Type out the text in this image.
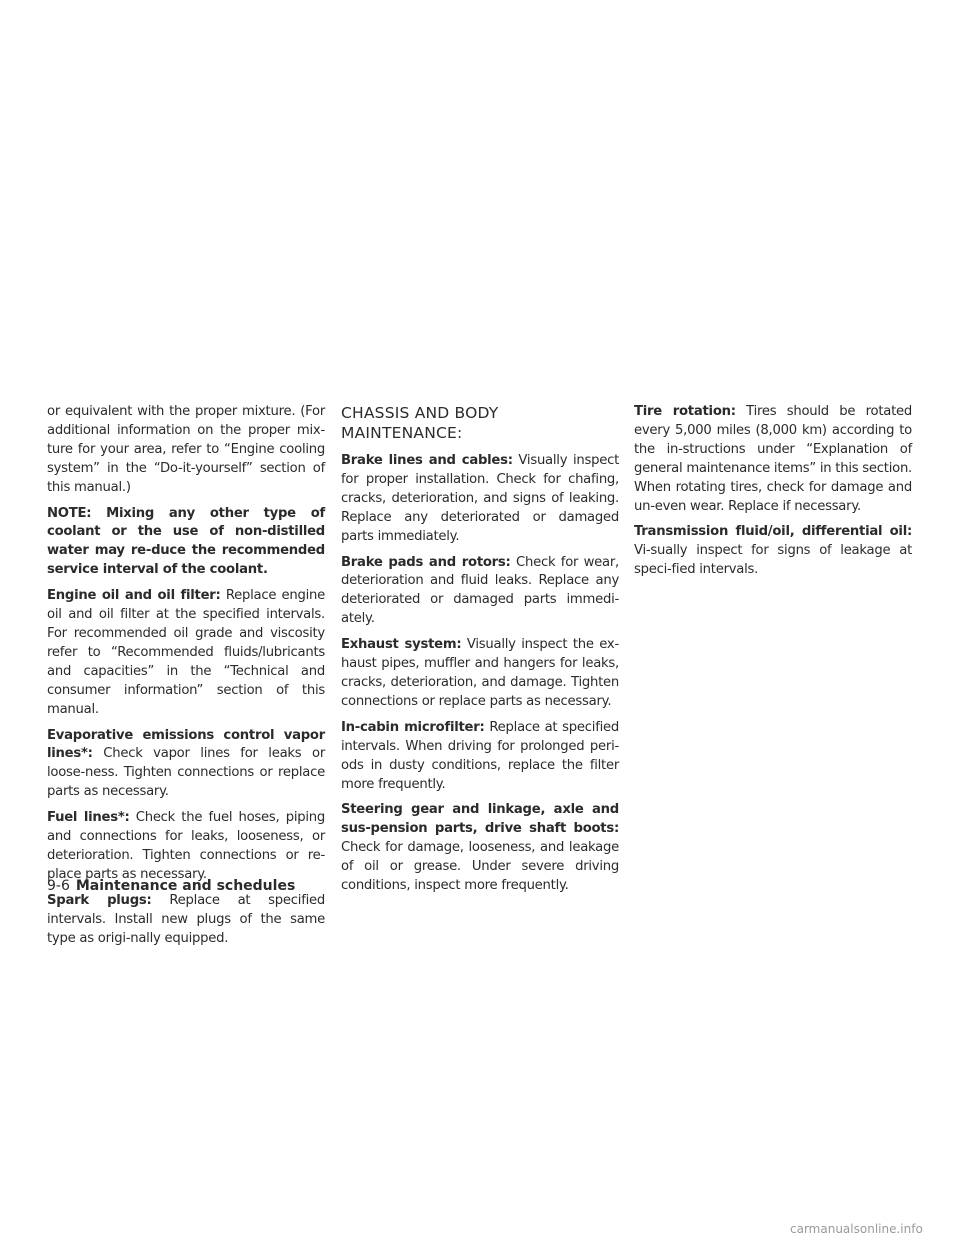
or equivalent with the proper mixture. (For additional information on the proper mix-ture for your area, refer to “Engine cooling system” in the “Do-it-yourself” section of this manual.)

NOTE: Mixing any other type of coolant or the use of non-distilled water may re-duce the recommended service interval of the coolant.

Engine oil and oil filter: Replace engine oil and oil filter at the specified intervals. For recommended oil grade and viscosity refer to “Recommended fluids/lubricants and capacities” in the “Technical and consumer information” section of this manual.

Evaporative emissions control vapor lines*: Check vapor lines for leaks or loose-ness. Tighten connections or replace parts as necessary.

Fuel lines*: Check the fuel hoses, piping and connections for leaks, looseness, or deterioration. Tighten connections or re-place parts as necessary.

Spark plugs: Replace at specified intervals. Install new plugs of the same type as origi-nally equipped.

CHASSIS AND BODY MAINTENANCE:

Brake lines and cables: Visually inspect for proper installation. Check for chafing, cracks, deterioration, and signs of leaking. Replace any deteriorated or damaged parts immediately.

Brake pads and rotors: Check for wear, deterioration and fluid leaks. Replace any deteriorated or damaged parts immedi-ately.

Exhaust system: Visually inspect the ex-haust pipes, muffler and hangers for leaks, cracks, deterioration, and damage. Tighten connections or replace parts as necessary.

In-cabin microfilter: Replace at specified intervals. When driving for prolonged peri-ods in dusty conditions, replace the filter more frequently.

Steering gear and linkage, axle and sus-pension parts, drive shaft boots: Check for damage, looseness, and leakage of oil or grease. Under severe driving conditions, inspect more frequently.

Tire rotation: Tires should be rotated every 5,000 miles (8,000 km) according to the in-structions under “Explanation of general maintenance items” in this section. When rotating tires, check for damage and un-even wear. Replace if necessary.

Transmission fluid/oil, differential oil: Vi-sually inspect for signs of leakage at speci-fied intervals.

9-6 Maintenance and schedules
carmanualsonline.info
